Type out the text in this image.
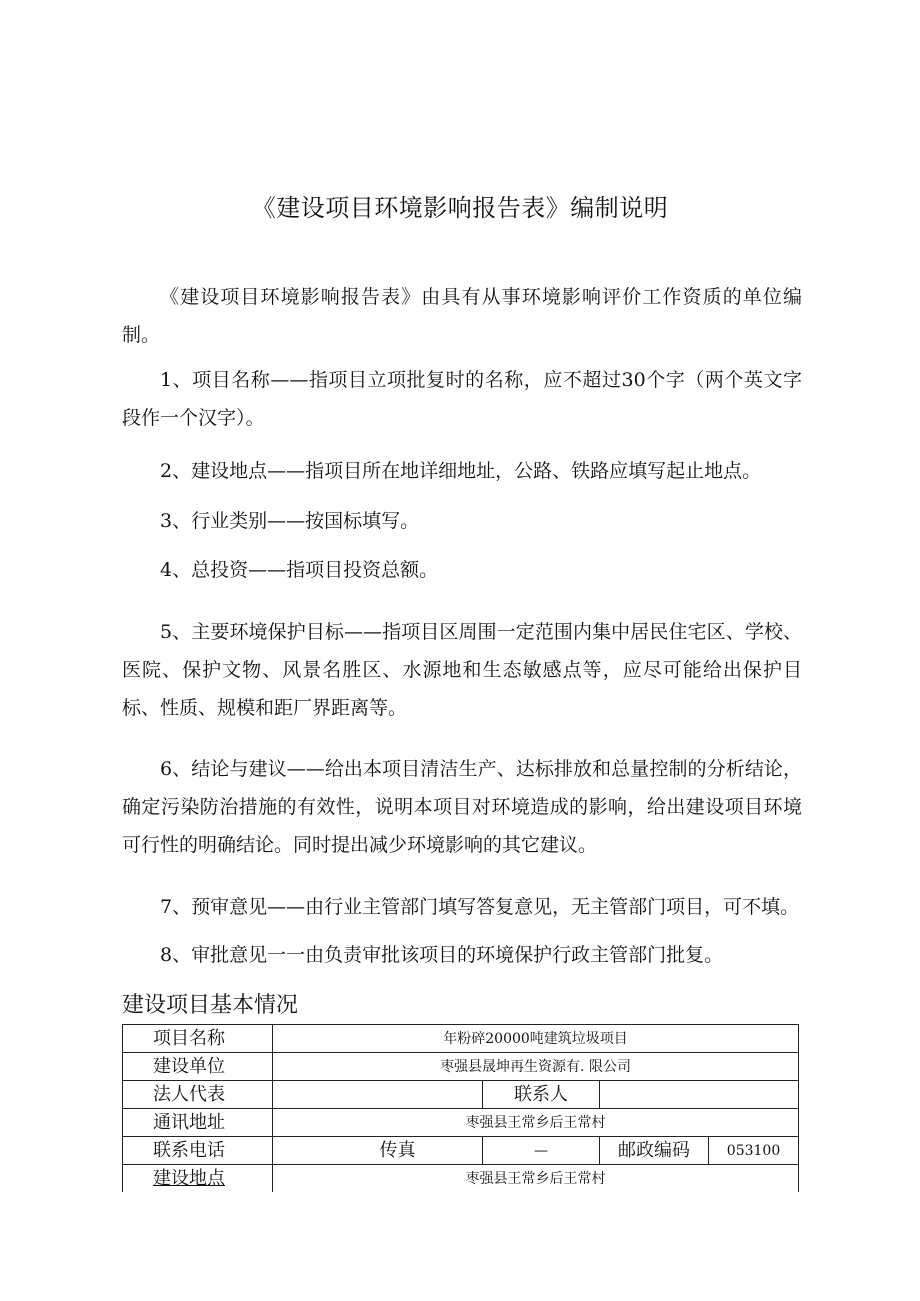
《建设项目环境影响报告表》编制说明

《建设项目环境影响报告表》由具有从事环境影响评价工作资质的单位编制。

1、项目名称——指项目立项批复时的名称，应不超过30个字（两个英文字段作一个汉字）。

2、建设地点——指项目所在地详细地址，公路、铁路应填写起止地点。

3、行业类别——按国标填写。

4、总投资——指项目投资总额。

5、主要环境保护目标——指项目区周围一定范围内集中居民住宅区、学校、医院、保护文物、风景名胜区、水源地和生态敏感点等，应尽可能给出保护目标、性质、规模和距厂界距离等。

6、结论与建议——给出本项目清洁生产、达标排放和总量控制的分析结论，确定污染防治措施的有效性，说明本项目对环境造成的影响，给出建设项目环境可行性的明确结论。同时提出减少环境影响的其它建议。

7、预审意见——由行业主管部门填写答复意见，无主管部门项目，可不填。

8、审批意见一一由负责审批该项目的环境保护行政主管部门批复。

建设项目基本情况
项目名称	年粉碎20000吨建筑垃圾项目			
建设单位	枣强县晟坤再生资源有. 限公司			
法人代表		联系人		
通讯地址	枣强县王常乡后王常村			
联系电话	传真	—	邮政编码	053100
建设地点	枣强县王常乡后王常村			
